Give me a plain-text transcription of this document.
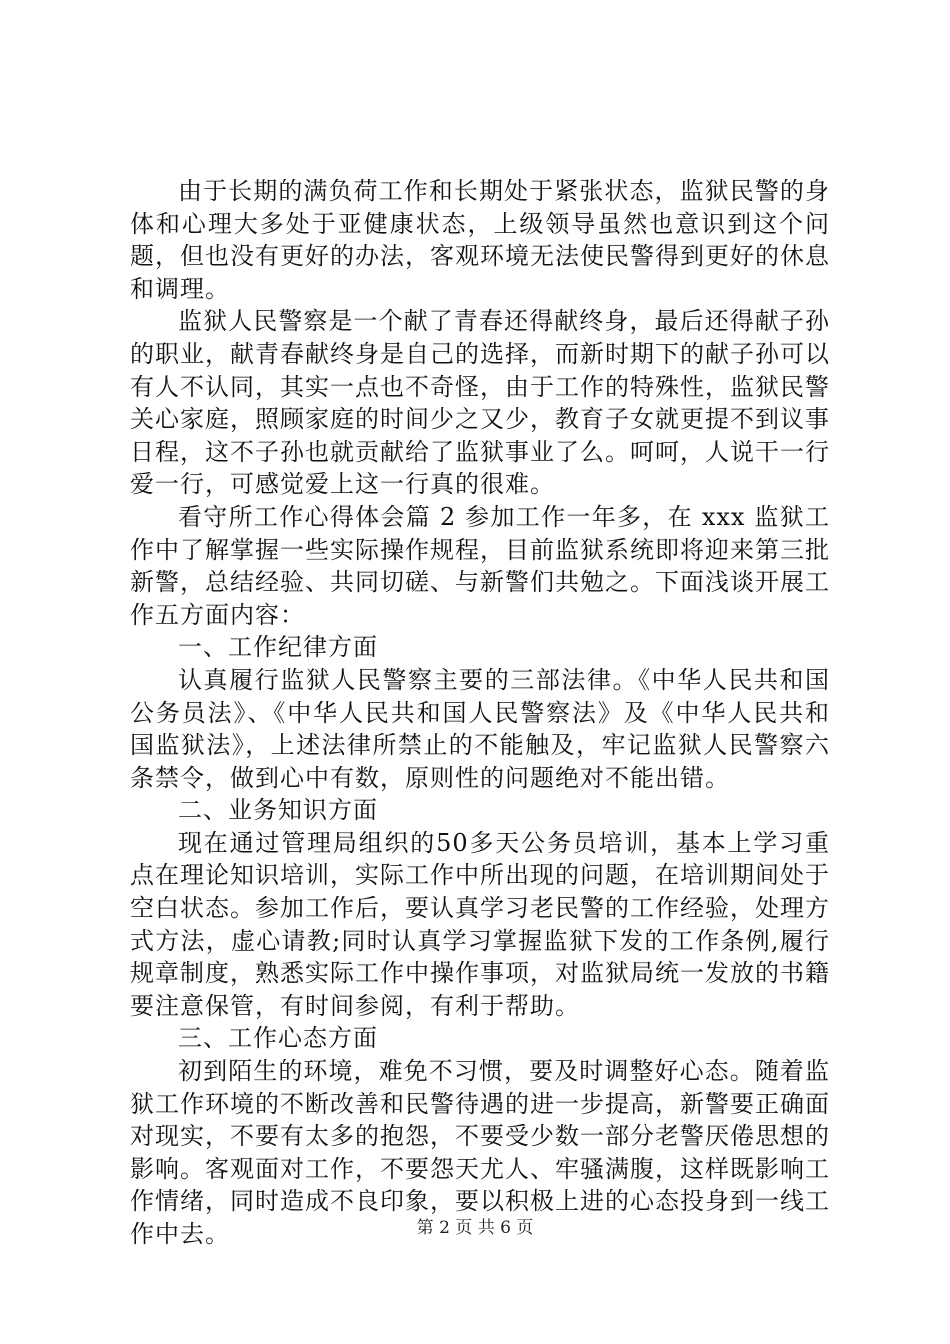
由于长期的满负荷工作和长期处于紧张状态，监狱民警的身体和心理大多处于亚健康状态，上级领导虽然也意识到这个问题，但也没有更好的办法，客观环境无法使民警得到更好的休息和调理。

监狱人民警察是一个献了青春还得献终身，最后还得献子孙的职业，献青春献终身是自己的选择，而新时期下的献子孙可以有人不认同，其实一点也不奇怪，由于工作的特殊性，监狱民警关心家庭，照顾家庭的时间少之又少，教育子女就更提不到议事日程，这不子孙也就贡献给了监狱事业了么。呵呵，人说干一行爱一行，可感觉爱上这一行真的很难。

看守所工作心得体会篇 2 参加工作一年多，在 xxx 监狱工作中了解掌握一些实际操作规程，目前监狱系统即将迎来第三批新警，总结经验、共同切磋、与新警们共勉之。下面浅谈开展工作五方面内容：

一、工作纪律方面

认真履行监狱人民警察主要的三部法律。《中华人民共和国公务员法》、《中华人民共和国人民警察法》及《中华人民共和国监狱法》，上述法律所禁止的不能触及，牢记监狱人民警察六条禁令，做到心中有数，原则性的问题绝对不能出错。

二、业务知识方面

现在通过管理局组织的50多天公务员培训，基本上学习重点在理论知识培训，实际工作中所出现的问题，在培训期间处于空白状态。参加工作后，要认真学习老民警的工作经验，处理方式方法，虚心请教;同时认真学习掌握监狱下发的工作条例,履行规章制度，熟悉实际工作中操作事项，对监狱局统一发放的书籍要注意保管，有时间参阅，有利于帮助。

三、工作心态方面

初到陌生的环境，难免不习惯，要及时调整好心态。随着监狱工作环境的不断改善和民警待遇的进一步提高，新警要正确面对现实，不要有太多的抱怨，不要受少数一部分老警厌倦思想的影响。客观面对工作，不要怨天尤人、牢骚满腹，这样既影响工作情绪，同时造成不良印象，要以积极上进的心态投身到一线工作中去。	第 2 页 共 6 页
